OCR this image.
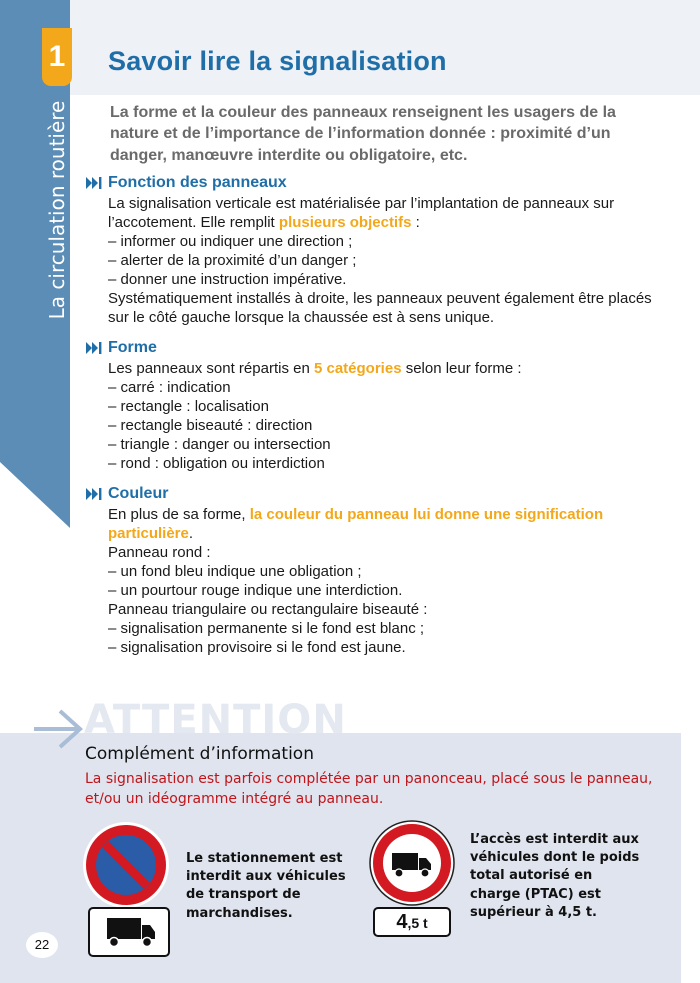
1
La circulation routière
Savoir lire la signalisation

La forme et la couleur des panneaux renseignent les usagers de la nature et de l’importance de l’information donnée : proximité d’un danger, manœuvre interdite ou obligatoire, etc.

Fonction des panneaux

La signalisation verticale est matérialisée par l’implantation de panneaux sur l’accotement. Elle remplit plusieurs objectifs :

– informer ou indiquer une direction ;

– alerter de la proximité d’un danger ;

– donner une instruction impérative.

Systématiquement installés à droite, les panneaux peuvent également être placés sur le côté gauche lorsque la chaussée est à sens unique.

Forme

Les panneaux sont répartis en 5 catégories selon leur forme :

– carré : indication

– rectangle : localisation

– rectangle biseauté : direction

– triangle : danger ou intersection

– rond : obligation ou interdiction

Couleur

En plus de sa forme, la couleur du panneau lui donne une signification particulière.

Panneau rond :

– un fond bleu indique une obligation ;

– un pourtour rouge indique une interdiction.

Panneau triangulaire ou rectangulaire biseauté :

– signalisation permanente si le fond est blanc ;

– signalisation provisoire si le fond est jaune.

ATTENTION
Complément d’information

La signalisation est parfois complétée par un panonceau, placé sous le panneau, et/ou un idéogramme intégré au panneau.

Le stationnement est interdit aux véhicules de transport de marchandises.	4,5 t

L’accès est interdit aux véhicules dont le poids total autorisé en charge (PTAC) est supérieur à 4,5 t.

22
